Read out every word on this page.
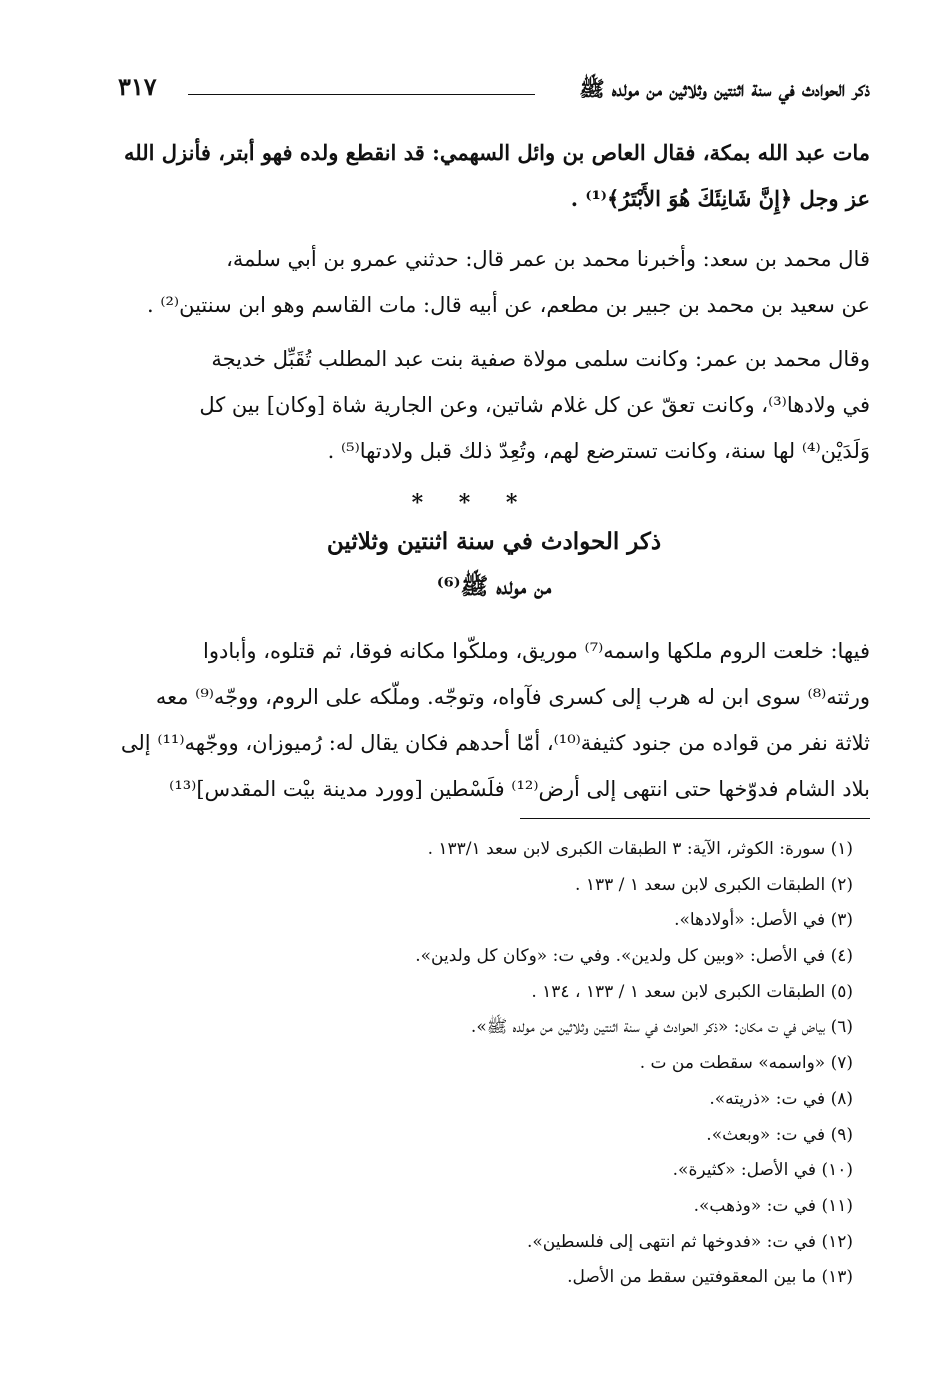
٣١٧	ذكر الحوادث في سنة اثنتين وثلاثين من مولده ﷺ
مات عبد الله بمكة، فقال العاص بن وائل السهمي: قد انقطع ولده فهو أبتر، فأنزل الله
عز وجل ﴿إِنَّ شَانِئَكَ هُوَ الأَبْتَرُ﴾⁽¹⁾ .
قال محمد بن سعد: وأخبرنا محمد بن عمر قال: حدثني عمرو بن أبي سلمة،
عن سعيد بن محمد بن جبير بن مطعم، عن أبيه قال: مات القاسم وهو ابن سنتين⁽²⁾ .
وقال محمد بن عمر: وكانت سلمى مولاة صفية بنت عبد المطلب تُقَبِّل خديجة
في ولادها⁽³⁾، وكانت تعقّ عن كل غلام شاتين، وعن الجارية شاة [وكان] بين كل
وَلَدَيْن⁽⁴⁾ لها سنة، وكانت تسترضع لهم، وتُعِدّ ذلك قبل ولادتها⁽⁵⁾ .
* * *
ذكر الحوادث في سنة اثنتين وثلاثين
من مولده ﷺ⁽⁶⁾
فيها: خلعت الروم ملكها واسمه⁽⁷⁾ موريق، وملكّوا مكانه فوقا، ثم قتلوه، وأبادوا
ورثته⁽⁸⁾ سوى ابن له هرب إلى كسرى فآواه، وتوجّه. وملّكه على الروم، ووجّه⁽⁹⁾ معه
ثلاثة نفر من قواده من جنود كثيفة⁽¹⁰⁾، أمّا أحدهم فكان يقال له: رُميوزان، ووجّهه⁽¹¹⁾ إلى
بلاد الشام فدوّخها حتى انتهى إلى أرض⁽¹²⁾ فلَسْطين [وورد مدينة بيْت المقدس]⁽¹³⁾
(١) سورة: الكوثر، الآية: ٣ الطبقات الكبرى لابن سعد ١٣٣/١ .
(٢) الطبقات الكبرى لابن سعد ١ / ١٣٣ .
(٣) في الأصل: «أولادها».
(٤) في الأصل: «وبين كل ولدين». وفي ت: «وكان كل ولدين».
(٥) الطبقات الكبرى لابن سعد ١ / ١٣٣ ، ١٣٤ .
(٦) بياض في ت مكان: «ذكر الحوادث في سنة اثنتين وثلاثين من مولده ﷺ».
(٧) «واسمه» سقطت من ت .
(٨) في ت: «ذريته».
(٩) في ت: «وبعث».
(١٠) في الأصل: «كثيرة».
(١١) في ت: «وذهب».
(١٢) في ت: «فدوخها ثم انتهى إلى فلسطين».
(١٣) ما بين المعقوفتين سقط من الأصل.
